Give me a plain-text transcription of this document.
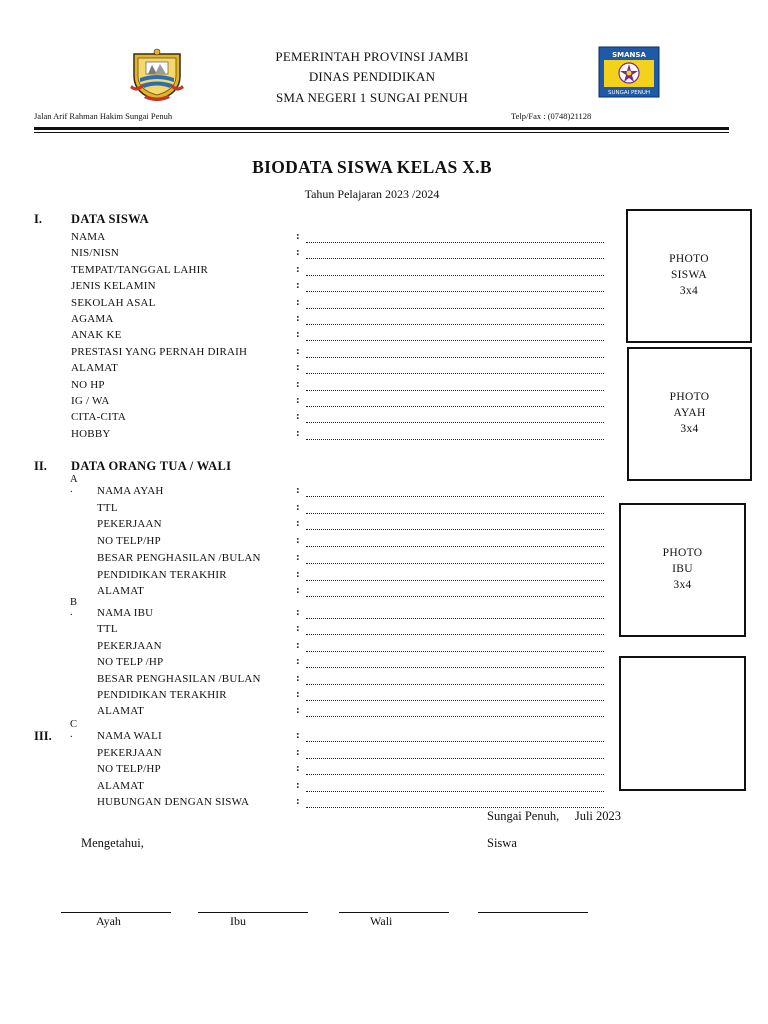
SMANSA
SUNGAI PENUH
PEMERINTAH PROVINSI JAMBI
DINAS PENDIDIKAN
SMA NEGERI 1 SUNGAI PENUH
Jalan Arif Rahman Hakim Sungai Penuh	Telp/Fax : (0748)21128
BIODATA SISWA KELAS X.B
Tahun Pelajaran 2023 /2024
I. DATA SISWA
NAMA	:
NIS/NISN	:
TEMPAT/TANGGAL LAHIR	:
JENIS KELAMIN	:
SEKOLAH ASAL	:
AGAMA	:
ANAK KE	:
PRESTASI YANG PERNAH DIRAIH	:
ALAMAT	:
NO HP	:
IG / WA	:
CITA-CITA	:
HOBBY	:
II. DATA ORANG TUA / WALI
A
. NAMA AYAH	:
TTL	:
PEKERJAAN	:
NO TELP/HP	:
BESAR PENGHASILAN /BULAN	:
PENDIDIKAN TERAKHIR	:
ALAMAT	:
B
. NAMA IBU	:
TTL	:
PEKERJAAN	:
NO TELP /HP	:
BESAR PENGHASILAN /BULAN	:
PENDIDIKAN TERAKHIR	:
ALAMAT	:
C
.
III.	NAMA WALI	:
PEKERJAAN	:
NO TELP/HP	:
ALAMAT	:
HUBUNGAN DENGAN SISWA	:
PHOTO
SISWA
3x4
PHOTO
AYAH
3x4
PHOTO
IBU
3x4
Sungai Penuh,     Juli 2023
Mengetahui,	Siswa
Ayah	Ibu	Wali
